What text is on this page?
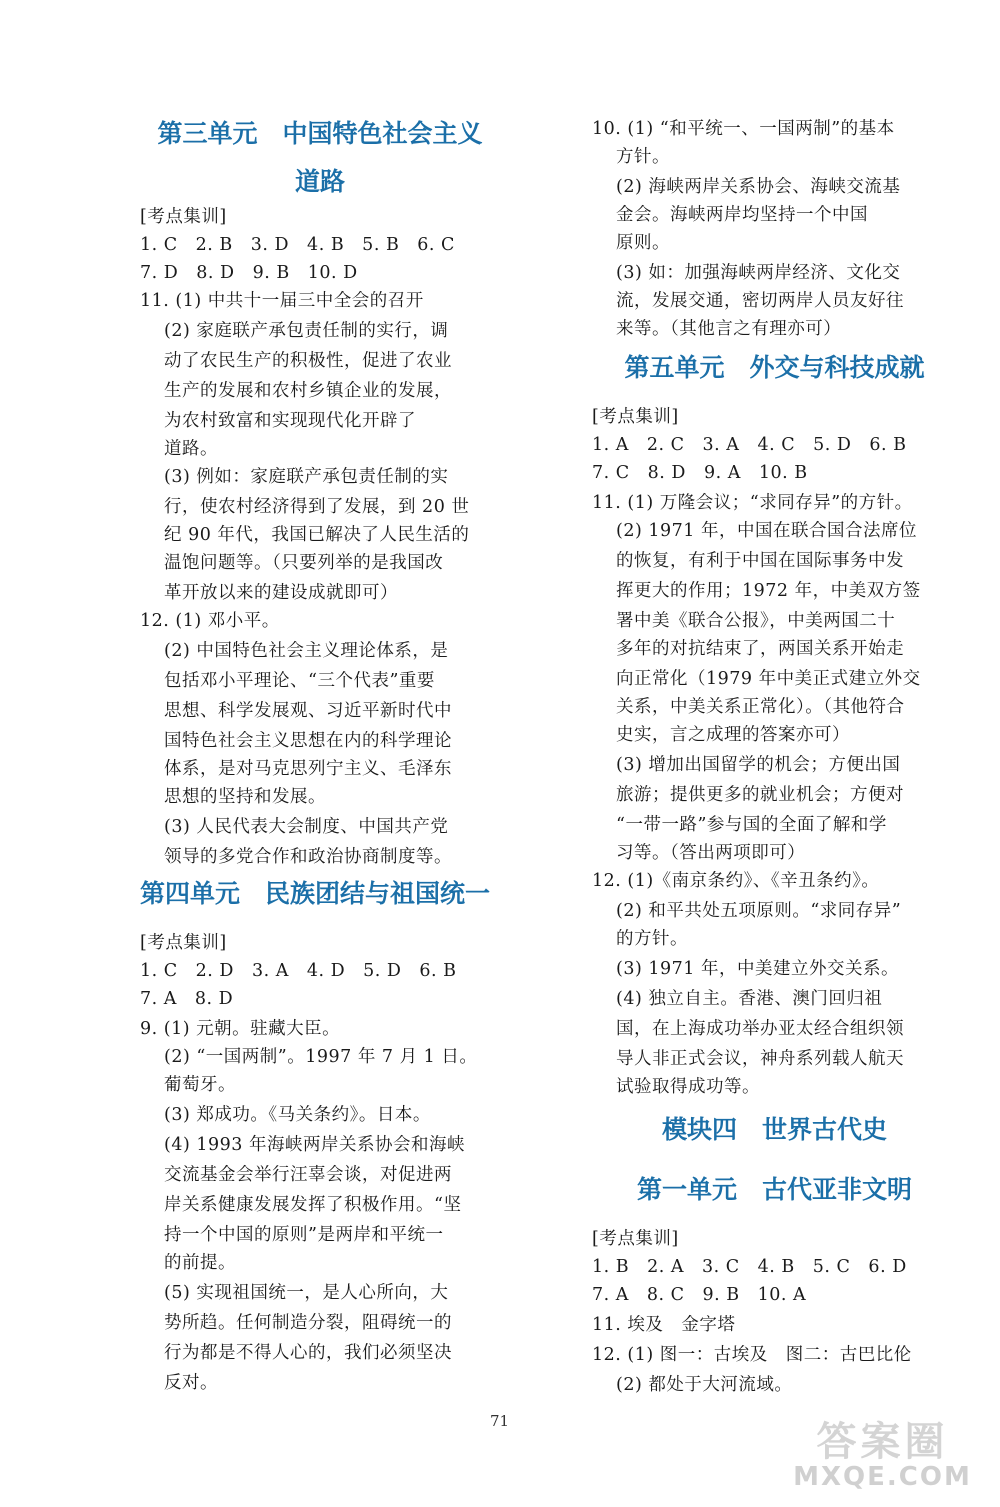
第三单元　中国特色社会主义
道路
[考点集训]
1. C　2. B　3. D　4. B　5. B　6. C
7. D　8. D　9. B　10. D
11. (1) 中共十一届三中全会的召开
(2) 家庭联产承包责任制的实行，调
动了农民生产的积极性，促进了农业
生产的发展和农村乡镇企业的发展，
为农村致富和实现现代化开辟了
道路。
(3) 例如：家庭联产承包责任制的实
行，使农村经济得到了发展，到 20 世
纪 90 年代，我国已解决了人民生活的
温饱问题等。（只要列举的是我国改
革开放以来的建设成就即可）
12. (1) 邓小平。
(2) 中国特色社会主义理论体系，是
包括邓小平理论、“三个代表”重要
思想、科学发展观、习近平新时代中
国特色社会主义思想在内的科学理论
体系，是对马克思列宁主义、毛泽东
思想的坚持和发展。
(3) 人民代表大会制度、中国共产党
领导的多党合作和政治协商制度等。
第四单元　民族团结与祖国统一
[考点集训]
1. C　2. D　3. A　4. D　5. D　6. B
7. A　8. D
9. (1) 元朝。驻藏大臣。
(2) “一国两制”。1997 年 7 月 1 日。
葡萄牙。
(3) 郑成功。《马关条约》。日本。
(4) 1993 年海峡两岸关系协会和海峡
交流基金会举行汪辜会谈，对促进两
岸关系健康发展发挥了积极作用。“坚
持一个中国的原则”是两岸和平统一
的前提。
(5) 实现祖国统一，是人心所向，大
势所趋。任何制造分裂，阻碍统一的
行为都是不得人心的，我们必须坚决
反对。
10. (1) “和平统一、一国两制”的基本
方针。
(2) 海峡两岸关系协会、海峡交流基
金会。海峡两岸均坚持一个中国
原则。
(3) 如：加强海峡两岸经济、文化交
流，发展交通，密切两岸人员友好往
来等。（其他言之有理亦可）
第五单元　外交与科技成就
[考点集训]
1. A　2. C　3. A　4. C　5. D　6. B
7. C　8. D　9. A　10. B
11. (1) 万隆会议；“求同存异”的方针。
(2) 1971 年，中国在联合国合法席位
的恢复，有利于中国在国际事务中发
挥更大的作用；1972 年，中美双方签
署中美《联合公报》，中美两国二十
多年的对抗结束了，两国关系开始走
向正常化（1979 年中美正式建立外交
关系，中美关系正常化）。（其他符合
史实，言之成理的答案亦可）
(3) 增加出国留学的机会；方便出国
旅游；提供更多的就业机会；方便对
“一带一路”参与国的全面了解和学
习等。（答出两项即可）
12. (1)《南京条约》、《辛丑条约》。
(2) 和平共处五项原则。“求同存异”
的方针。
(3) 1971 年，中美建立外交关系。
(4) 独立自主。香港、澳门回归祖
国，在上海成功举办亚太经合组织领
导人非正式会议，神舟系列载人航天
试验取得成功等。
模块四　世界古代史
第一单元　古代亚非文明
[考点集训]
1. B　2. A　3. C　4. B　5. C　6. D
7. A　8. C　9. B　10. A
11. 埃及　金字塔
12. (1) 图一：古埃及　图二：古巴比伦
(2) 都处于大河流域。
71	答案圈
MXQE.COM
